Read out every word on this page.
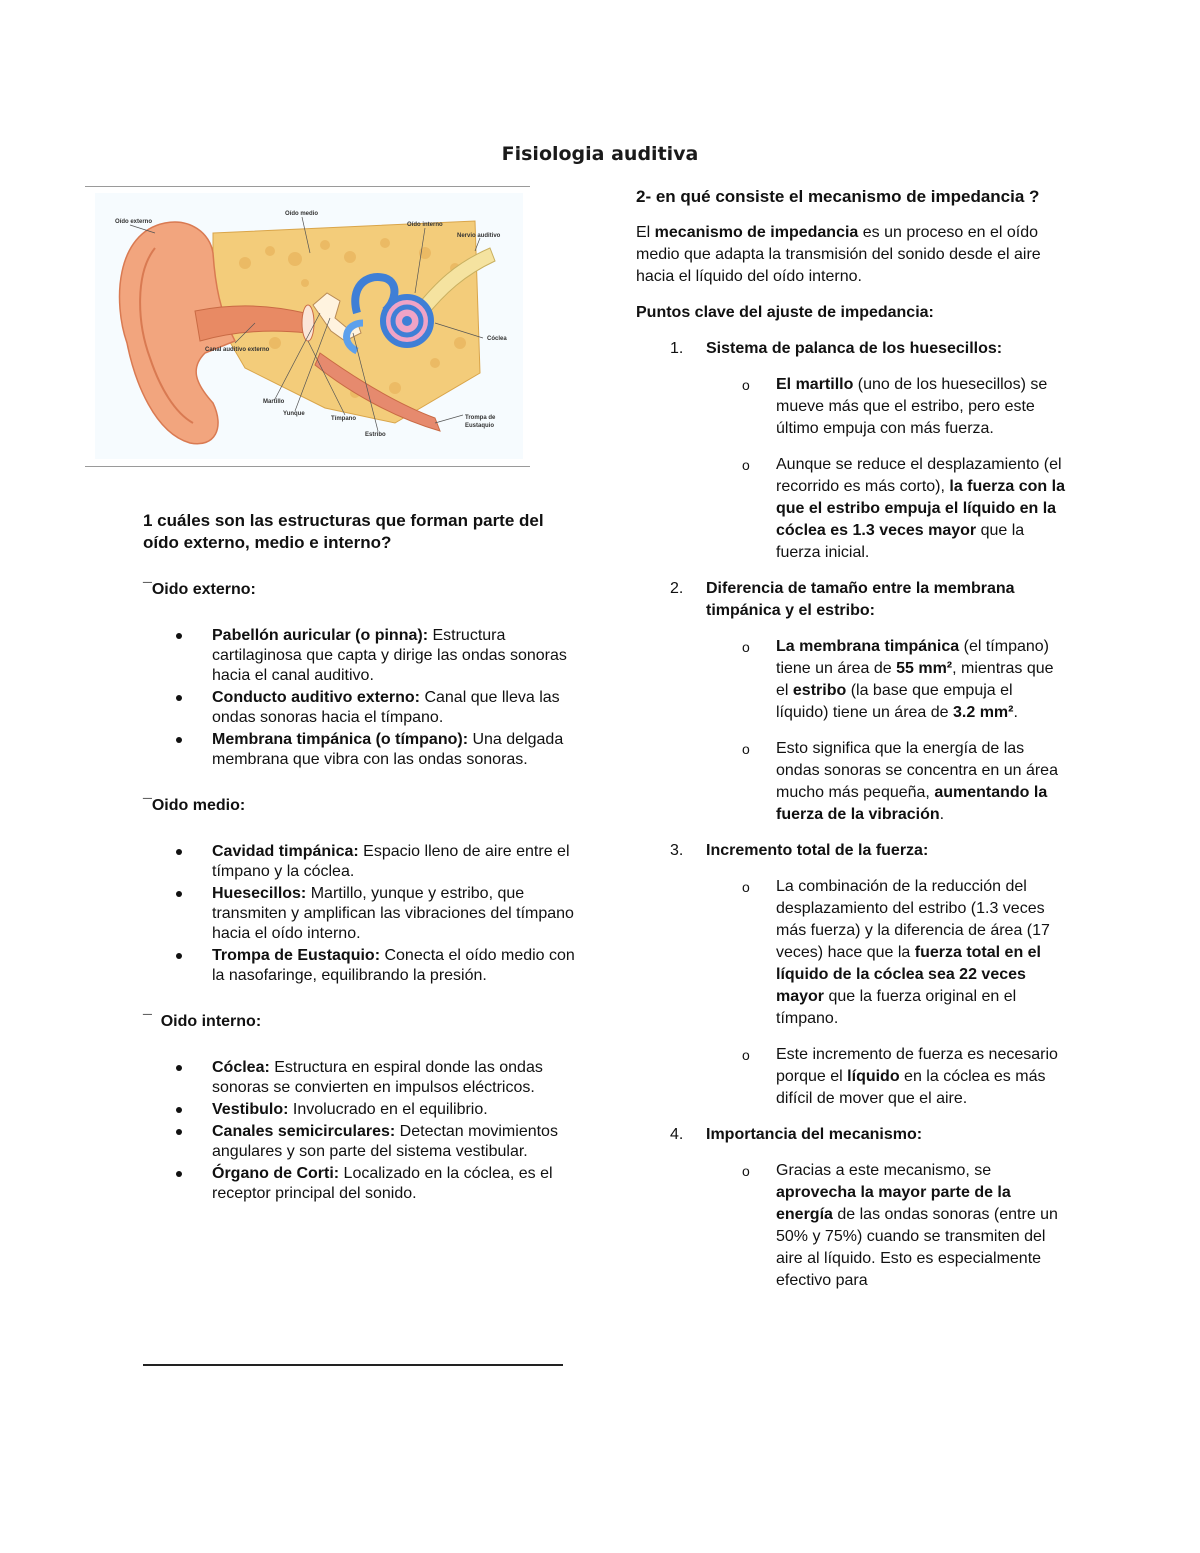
Fisiologia auditiva
Oído externo
Oído medio
Oído interno
Nervio auditivo
Canal auditivo externo
Cóclea
Martillo
Yunque
Tímpano
Estribo
Trompa de
Eustaquio

1 cuáles son las estructuras que forman parte del oído externo, medio e interno?

¯Oido externo:

Pabellón auricular (o pinna): Estructura cartilaginosa que capta y dirige las ondas sonoras hacia el canal auditivo.
Conducto auditivo externo: Canal que lleva las ondas sonoras hacia el tímpano.
Membrana timpánica (o tímpano): Una delgada membrana que vibra con las ondas sonoras.

¯Oido medio:

Cavidad timpánica: Espacio lleno de aire entre el tímpano y la cóclea.
Huesecillos: Martillo, yunque y estribo, que transmiten y amplifican las vibraciones del tímpano hacia el oído interno.
Trompa de Eustaquio: Conecta el oído medio con la nasofaringe, equilibrando la presión.

¯  Oido interno:

Cóclea: Estructura en espiral donde las ondas sonoras se convierten en impulsos eléctricos.
Vestibulo: Involucrado en el equilibrio.
Canales semicirculares: Detectan movimientos angulares y son parte del sistema vestibular.
Órgano de Corti: Localizado en la cóclea, es el receptor principal del sonido.

2- en qué consiste el mecanismo de impedancia ?

El mecanismo de impedancia es un proceso en el oído medio que adapta la transmisión del sonido desde el aire hacia el líquido del oído interno.

Puntos clave del ajuste de impedancia:

1. Sistema de palanca de los huesecillos:
o El martillo (uno de los huesecillos) se mueve más que el estribo, pero este último empuja con más fuerza.
o Aunque se reduce el desplazamiento (el recorrido es más corto), la fuerza con la que el estribo empuja el líquido en la cóclea es 1.3 veces mayor que la fuerza inicial.
2. Diferencia de tamaño entre la membrana timpánica y el estribo:
o La membrana timpánica (el tímpano) tiene un área de 55 mm², mientras que el estribo (la base que empuja el líquido) tiene un área de 3.2 mm².
o Esto significa que la energía de las ondas sonoras se concentra en un área mucho más pequeña, aumentando la fuerza de la vibración.
3. Incremento total de la fuerza:
o La combinación de la reducción del desplazamiento del estribo (1.3 veces más fuerza) y la diferencia de área (17 veces) hace que la fuerza total en el líquido de la cóclea sea 22 veces mayor que la fuerza original en el tímpano.
o Este incremento de fuerza es necesario porque el líquido en la cóclea es más difícil de mover que el aire.
4. Importancia del mecanismo:
o Gracias a este mecanismo, se aprovecha la mayor parte de la energía de las ondas sonoras (entre un 50% y 75%) cuando se transmiten del aire al líquido. Esto es especialmente efectivo para
